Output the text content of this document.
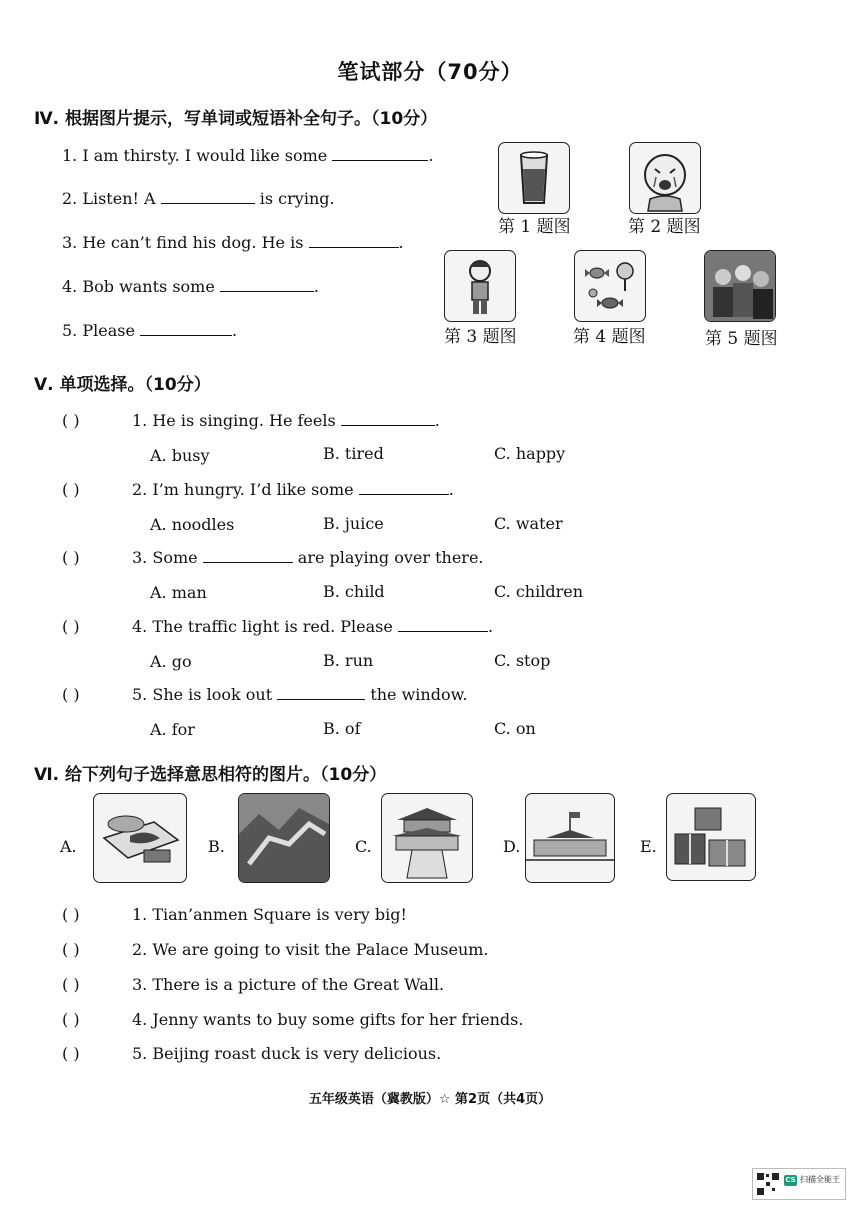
笔试部分（70分）
Ⅳ. 根据图片提示，写单词或短语补全句子。（10分）
1. I am thirsty. I would like some	.
2. Listen! A	is crying.
3. He can’t find his dog. He is	.
4. Bob wants some	.
5. Please	.
第 1 题图	第 2 题图
第 3 题图	第 4 题图	第 5 题图
Ⅴ. 单项选择。（10分）
( )	1. He is singing. He feels	.
A. busy	B. tired	C. happy
( )	2. I’m hungry. I’d like some	.
A. noodles	B. juice	C. water
( )	3. Some	are playing over there.
A. man	B. child	C. children
( )	4. The traffic light is red. Please	.
A. go	B. run	C. stop
( )	5. She is look out	the window.
A. for	B. of	C. on
Ⅵ. 给下列句子选择意思相符的图片。（10分）
A.	B.	C.	D.	E.
( )	1. Tian’anmen Square is very big!
( )	2. We are going to visit the Palace Museum.
( )	3. There is a picture of the Great Wall.
( )	4. Jenny wants to buy some gifts for her friends.
( )	5. Beijing roast duck is very delicious.
五年级英语（冀教版）☆ 第2页（共4页）
CS 扫描全能王
